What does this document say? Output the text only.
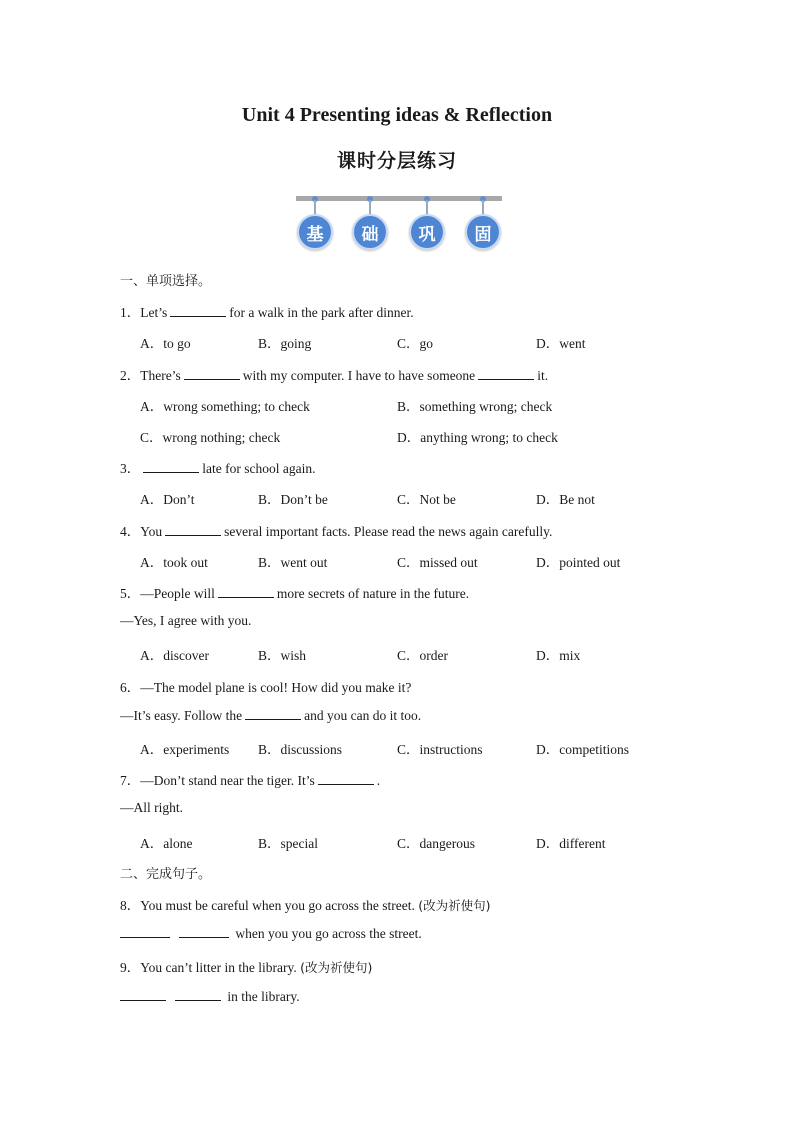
Unit 4 Presenting ideas & Reflection
课时分层练习
基	础	巩	固
一、单项选择。
1．Let’s	for a walk in the park after dinner.
A．to go	B．going	C．go	D．went
2．There’s	with my computer. I have to have someone	it.
A．wrong something; to check	B．something wrong; check
C．wrong nothing; check	D．anything wrong; to check
3．	late for school again.
A．Don’t	B．Don’t be	C．Not be	D．Be not
4．You	several important facts. Please read the news again carefully.
A．took out	B．went out	C．missed out	D．pointed out
5．—People will	more secrets of nature in the future.
—Yes, I agree with you.
A．discover	B．wish	C．order	D．mix
6．—The model plane is cool! How did you make it?
—It’s easy. Follow the	and you can do it too.
A．experiments B．discussions	C．instructions	D．competitions
7．—Don’t stand near the tiger. It’s	.
—All right.
A．alone	B．special	C．dangerous	D．different
二、完成句子。
8．You must be careful when you go across the street. (改为祈使句)
when you you go across the street.
9．You can’t litter in the library. (改为祈使句)
in the library.
